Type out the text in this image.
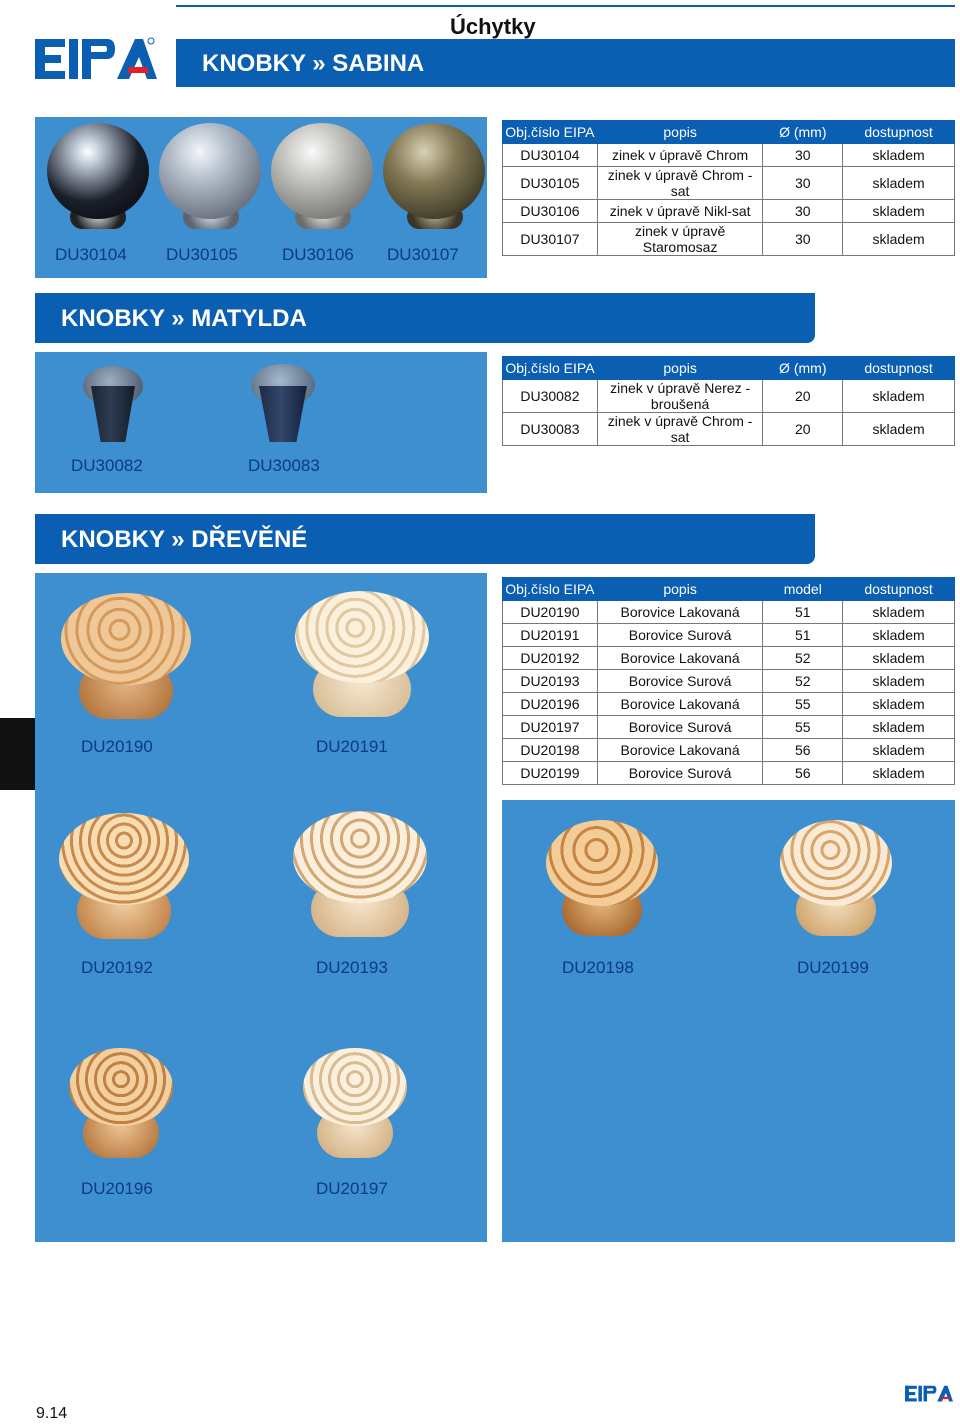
Úchytky
KNOBKY » SABINA
DU30104 DU30105	DU30106 DU30107
Obj.číslo EIPA	popis	Ø (mm)	dostupnost
DU30104	zinek v úpravě Chrom	30	skladem
DU30105	zinek v úpravě Chrom - sat	30	skladem
DU30106	zinek v úpravě Nikl-sat	30	skladem
DU30107	zinek v úpravě Staromosaz	30	skladem
KNOBKY » MATYLDA
DU30082	DU30083
Obj.číslo EIPA	popis	Ø (mm)	dostupnost
DU30082	zinek v úpravě Nerez -broušená	20	skladem
DU30083	zinek v úpravě Chrom - sat	20	skladem
KNOBKY » DŘEVĚNÉ
DU20190	DU20191
DU20192	DU20193
DU20196	DU20197
Obj.číslo EIPA	popis	model	dostupnost
DU20190	Borovice Lakovaná	51	skladem
DU20191	Borovice Surová	51	skladem
DU20192	Borovice Lakovaná	52	skladem
DU20193	Borovice Surová	52	skladem
DU20196	Borovice Lakovaná	55	skladem
DU20197	Borovice Surová	55	skladem
DU20198	Borovice Lakovaná	56	skladem
DU20199	Borovice Surová	56	skladem
DU20198	DU20199
9.14
